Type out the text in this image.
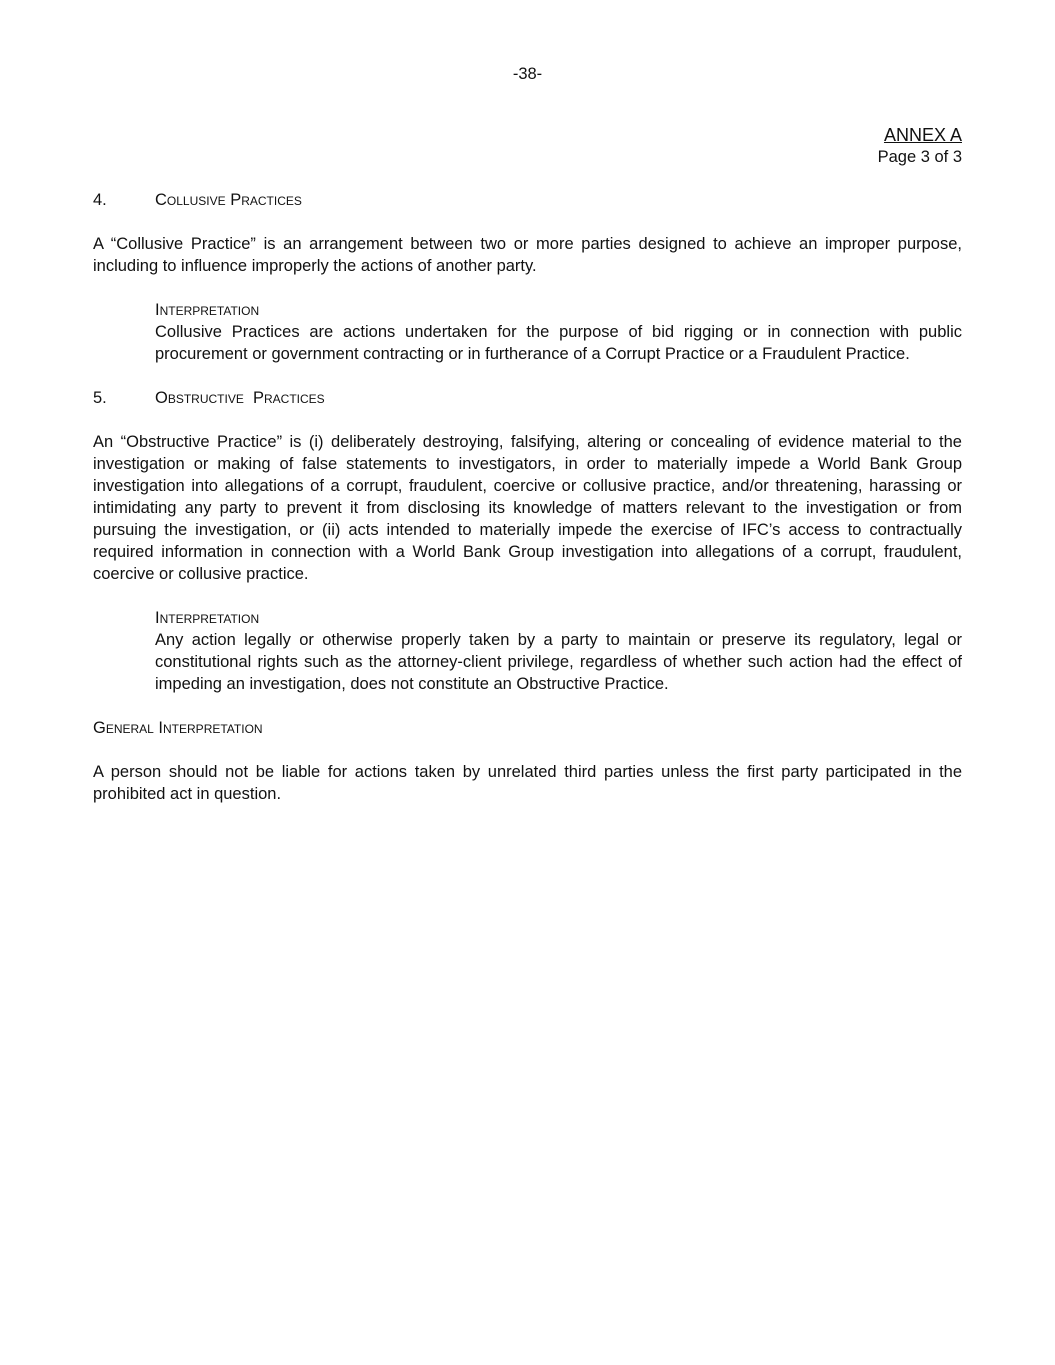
-38-
ANNEX A
Page 3 of 3
4.	Collusive Practices

A “Collusive Practice” is an arrangement between two or more parties designed to achieve an improper purpose, including to influence improperly the actions of another party.

Interpretation

Collusive Practices are actions undertaken for the purpose of bid rigging or in connection with public procurement or government contracting or in furtherance of a Corrupt Practice or a Fraudulent Practice.

5.	Obstructive  Practices

An “Obstructive Practice” is (i) deliberately destroying, falsifying, altering or concealing of evidence material to the investigation or making of false statements to investigators, in order to materially impede a World Bank Group investigation into allegations of a corrupt, fraudulent, coercive or collusive practice, and/or threatening, harassing or intimidating any party to prevent it from disclosing its knowledge of matters relevant to the investigation or from pursuing the investigation, or (ii) acts intended to materially impede the exercise of IFC’s access to contractually required information in connection with a World Bank Group investigation into allegations of a corrupt, fraudulent, coercive or collusive practice.

Interpretation

Any action legally or otherwise properly taken by a party to maintain or preserve its regulatory, legal or constitutional rights such as the attorney-client privilege, regardless of whether such action had the effect of impeding an investigation, does not constitute an Obstructive Practice.

General Interpretation

A person should not be liable for actions taken by unrelated third parties unless the first party participated in the prohibited act in question.
